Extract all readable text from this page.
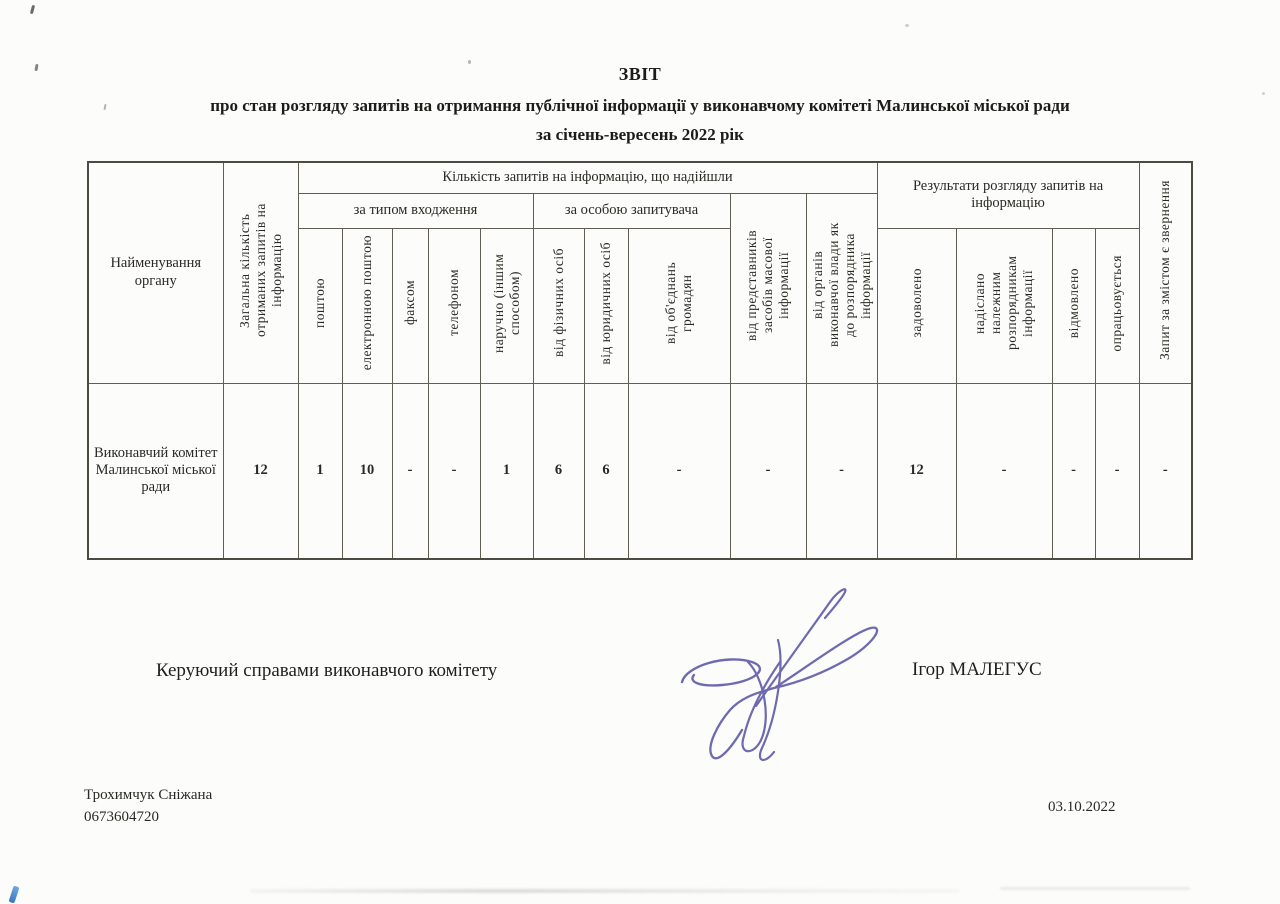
ЗВІТ

про стан розгляду запитів на отримання публічної інформації у виконавчому комітеті Малинської міської ради

за січень-вересень 2022 рік

Найменування органу	Загальна кількість отриманих запитів на інформацію	Кількість запитів на інформацію, що надійшли										Результати розгляду запитів на інформацію				Запит за змістом є звернення
		за типом входження					за особою запитувача			від представників засобів масової інформації	від органів виконавчої влади як до розпорядника інформації					
		поштою	електронною поштою	факсом	телефоном	наручно (іншим способом)	від фізичних осіб	від юридичних осіб	від об'єднань громадян			задоволено	надіслано належним розпорядникам інформації	відмовлено	опрацьовується	
Виконавчий комітет Малинської міської ради	12	1	10	-	-	1	6	6	-	-	-	12	-	-	-	-
Керуючий справами виконавчого комітету	Ігор МАЛЕГУС
Трохимчук Сніжана
0673604720
03.10.2022
